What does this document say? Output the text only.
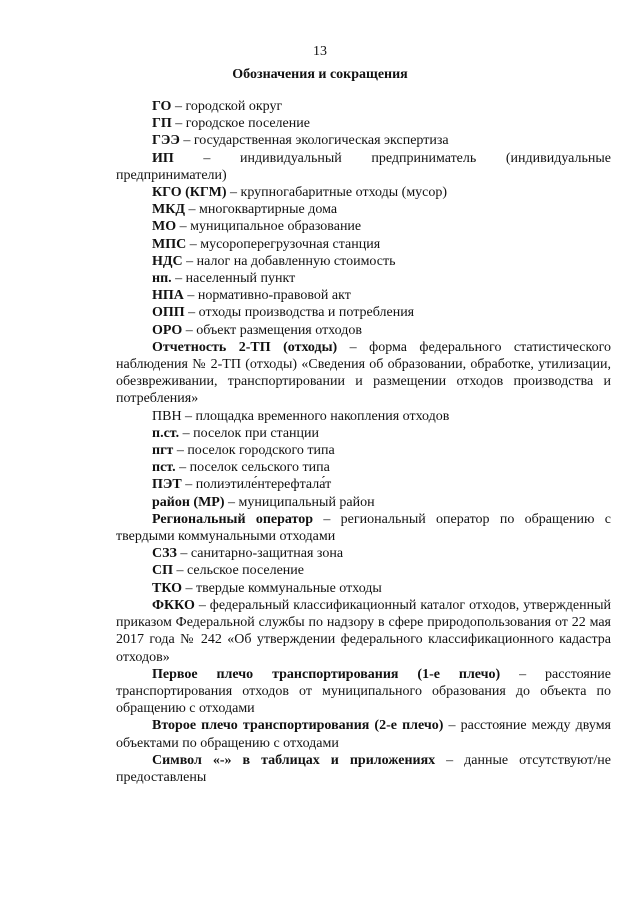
13
Обозначения и сокращения

ГО – городской округ

ГП – городское поселение

ГЭЭ – государственная экологическая экспертиза

ИП – индивидуальный предприниматель (индивидуальные предприниматели)

КГО (КГМ) – крупногабаритные отходы (мусор)

МКД – многоквартирные дома

МО – муниципальное образование

МПС – мусороперегрузочная станция

НДС – налог на добавленную стоимость

нп. – населенный пункт

НПА – нормативно-правовой акт

ОПП – отходы производства и потребления

ОРО – объект размещения отходов

Отчетность 2-ТП (отходы) – форма федерального статистического наблюдения № 2-ТП (отходы) «Сведения об образовании, обработке, утилизации, обезвреживании, транспортировании и размещении отходов производства и потребления»

ПВН – площадка временного накопления отходов

п.ст. – поселок при станции

пгт – поселок городского типа

пст. – поселок сельского типа

ПЭТ – полиэтиле́нтерефтала́т

район (МР) – муниципальный район

Региональный оператор – региональный оператор по обращению с твердыми коммунальными отходами

СЗЗ – санитарно-защитная зона

СП – сельское поселение

ТКО – твердые коммунальные отходы

ФККО – федеральный классификационный каталог отходов, утвержденный приказом Федеральной службы по надзору в сфере природопользования от 22 мая 2017 года № 242 «Об утверждении федерального классификационного кадастра отходов»

Первое плечо транспортирования (1-е плечо) – расстояние транспортирования отходов от муниципального образования до объекта по обращению с отходами

Второе плечо транспортирования (2-е плечо) – расстояние между двумя объектами по обращению с отходами

Символ «-» в таблицах и приложениях – данные отсутствуют/не предоставлены
